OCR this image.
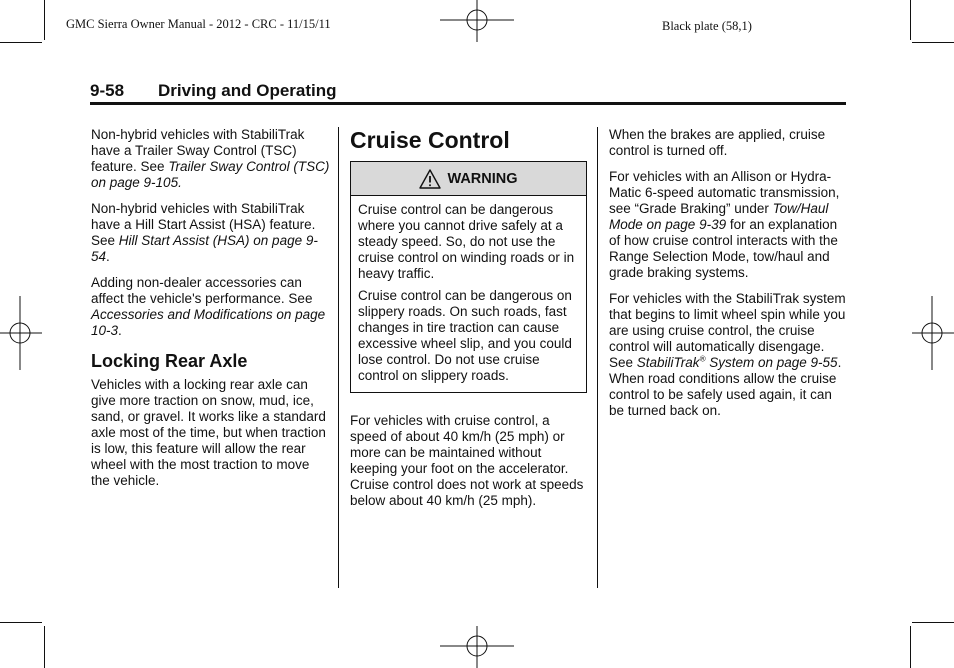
GMC Sierra Owner Manual - 2012 - CRC - 11/15/11	Black plate (58,1)
9-58 Driving and Operating

Non-hybrid vehicles with StabiliTrak have a Trailer Sway Control (TSC) feature. See Trailer Sway Control (TSC) on page 9-105.

Non-hybrid vehicles with StabiliTrak have a Hill Start Assist (HSA) feature. See Hill Start Assist (HSA) on page 9-54.

Adding non-dealer accessories can affect the vehicle's performance. See Accessories and Modifications on page 10-3.

Locking Rear Axle

Vehicles with a locking rear axle can give more traction on snow, mud, ice, sand, or gravel. It works like a standard axle most of the time, but when traction is low, this feature will allow the rear wheel with the most traction to move the vehicle.

Cruise Control
WARNING

Cruise control can be dangerous where you cannot drive safely at a steady speed. So, do not use the cruise control on winding roads or in heavy traffic.

Cruise control can be dangerous on slippery roads. On such roads, fast changes in tire traction can cause excessive wheel slip, and you could lose control. Do not use cruise control on slippery roads.

For vehicles with cruise control, a speed of about 40 km/h (25 mph) or more can be maintained without keeping your foot on the accelerator. Cruise control does not work at speeds below about 40 km/h (25 mph).

When the brakes are applied, cruise control is turned off.

For vehicles with an Allison or Hydra-Matic 6-speed automatic transmission, see “Grade Braking” under Tow/Haul Mode on page 9-39 for an explanation of how cruise control interacts with the Range Selection Mode, tow/haul and grade braking systems.

For vehicles with the StabiliTrak system that begins to limit wheel spin while you are using cruise control, the cruise control will automatically disengage. See StabiliTrak® System on page 9-55. When road conditions allow the cruise control to be safely used again, it can be turned back on.
